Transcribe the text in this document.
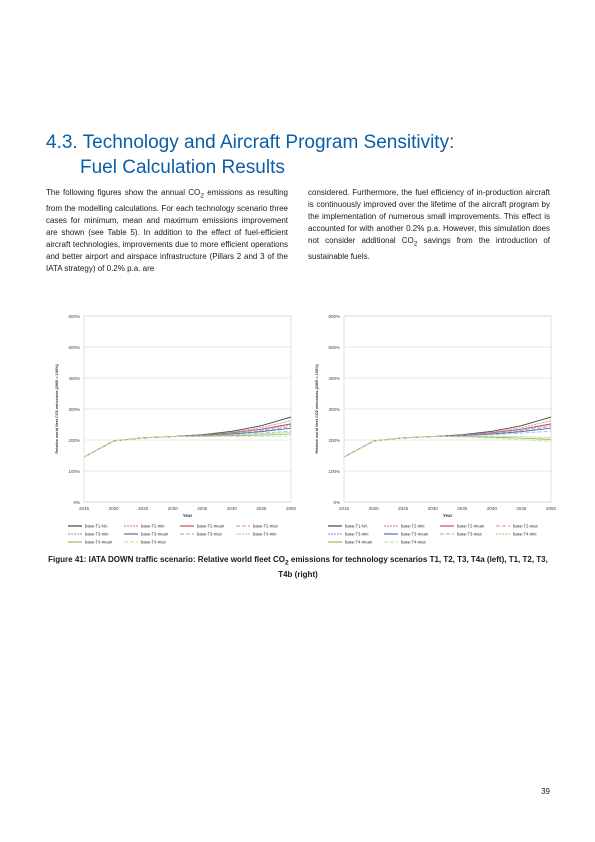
4.3. Technology and Aircraft Program Sensitivity:
Fuel Calculation Results

The following figures show the annual $CO_2$ emissions as resulting from the modelling calculations. For each technology scenario three cases for minimum, mean and maximum emissions improvement are shown (see Table 5). In addition to the effect of fuel-efficient aircraft technologies, improvements due to more efficient operations and better airport and airspace infrastructure (Pillars 2 and 3 of the IATA strategy) of 0.2% p.a. are

considered. Furthermore, the fuel efficiency of in-production aircraft is continuously improved over the lifetime of the aircraft program by the implementation of numerous small improvements. This effect is accounted for with another 0.2% p.a. However, this simulation does not consider additional $CO_2$ savings from the introduction of sustainable fuels.

0%
100%
200%
300%
400%
500%
600%
2015	2020	2025	2030	2035	2040	2045	2050
Year
Relative world fleet CO2 emissions (2005 = 100%)
base-T1-NA	base-T2-min	base-T2-mean	base-T2-max
base-T3-min	base-T3-mean	base-T3-max	base-T4-min
base-T4-mean	base-T4-max
0%
100%
200%
300%
400%
500%
600%
2015	2020	2025	2030	2035	2040	2045	2050
Year
Relative world fleet CO2 emissions (2005 = 100%)
base-T1-NA	base-T2-min	base-T2-mean	base-T2-max
base-T3-min	base-T3-mean	base-T3-max	base-T4-min
base-T4-mean	base-T4-max

Figure 41: IATA DOWN traffic scenario: Relative world fleet $CO_2$ emissions for technology scenarios T1, T2, T3, T4a (left), T1, T2, T3, T4b (right)

39
